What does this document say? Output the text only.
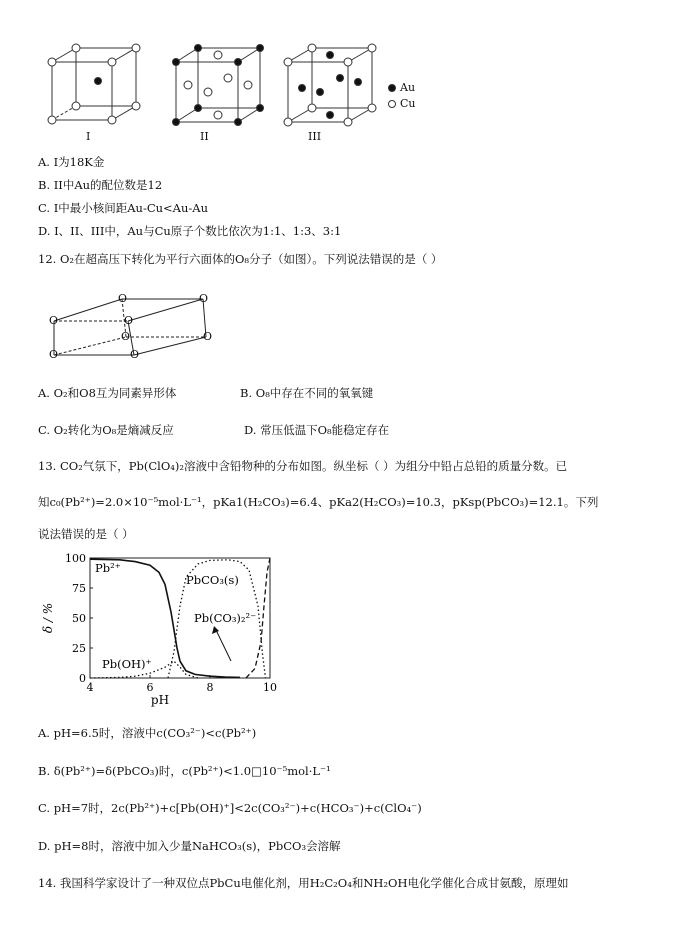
Au
Cu
I	II	III
A. I为18K金
B. II中Au的配位数是12
C. I中最小核间距Au-Cu<Au-Au
D. I、II、III中，Au与Cu原子个数比依次为1:1、1:3、3:1
12. O₂在超高压下转化为平行六面体的O₈分子（如图）。下列说法错误的是（ ）
O
O	O
O
O
O	O
O
A. O₂和O8互为同素异形体	B. O₈中存在不同的氧氧键
C. O₂转化为O₈是熵减反应	D. 常压低温下O₈能稳定存在
13. CO₂气氛下，Pb(ClO₄)₂溶液中含铅物种的分布如图。纵坐标（ ）为组分中铅占总铅的质量分数。已
知c₀(Pb²⁺)=2.0×10⁻⁵mol·L⁻¹，pKa1(H₂CO₃)=6.4、pKa2(H₂CO₃)=10.3，pKsp(PbCO₃)=12.1。下列
说法错误的是（ ）
4	6	8	10
0
25
50
75
100
pH
δ / %
Pb²⁺
PbCO₃(s)
Pb(CO₃)₂²⁻
Pb(OH)⁺
A. pH=6.5时，溶液中c(CO₃²⁻)<c(Pb²⁺)
B. δ(Pb²⁺)=δ(PbCO₃)时，c(Pb²⁺)<1.0□10⁻⁵mol·L⁻¹
C. pH=7时，2c(Pb²⁺)+c[Pb(OH)⁺]<2c(CO₃²⁻)+c(HCO₃⁻)+c(ClO₄⁻)
D. pH=8时，溶液中加入少量NaHCO₃(s)，PbCO₃会溶解
14. 我国科学家设计了一种双位点PbCu电催化剂，用H₂C₂O₄和NH₂OH电化学催化合成甘氨酸，原理如
